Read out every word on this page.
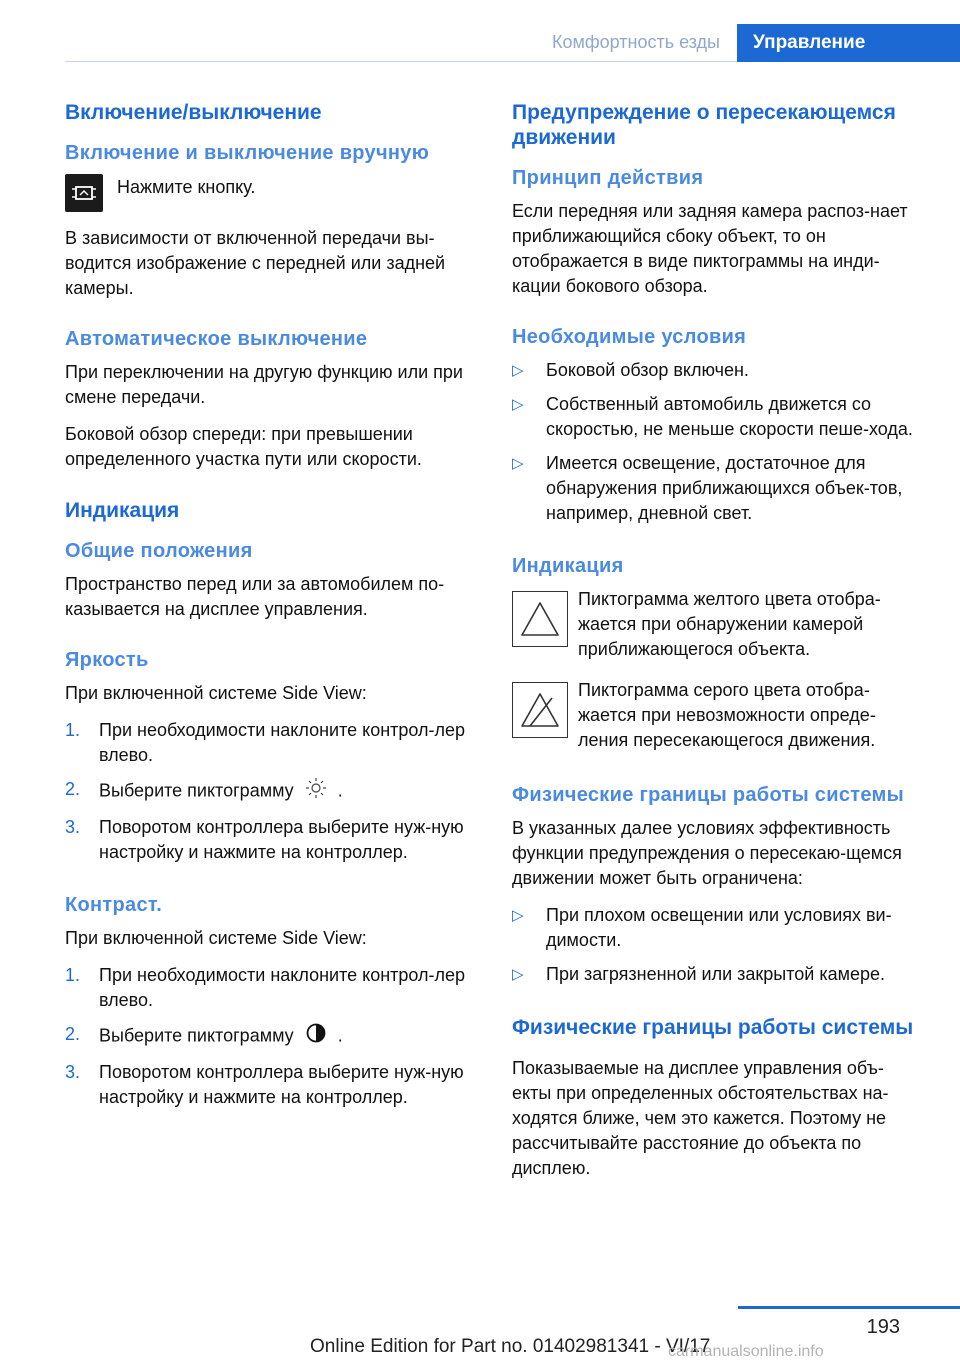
Комфортность езды	Управление
Включение/выключение
Включение и выключение вручную
Нажмите кнопку.

В зависимости от включенной передачи вы-водится изображение с передней или задней камеры.

Автоматическое выключение

При переключении на другую функцию или при смене передачи.

Боковой обзор спереди: при превышении определенного участка пути или скорости.

Индикация
Общие положения

Пространство перед или за автомобилем по-казывается на дисплее управления.

Яркость

При включенной системе Side View:

1.	При необходимости наклоните контрол-лер влево.
2.	Выберите пиктограмму .
3.	Поворотом контроллера выберите нуж-ную настройку и нажмите на контроллер.
Контраст.

При включенной системе Side View:

1.	При необходимости наклоните контрол-лер влево.
2.	Выберите пиктограмму .
3.	Поворотом контроллера выберите нуж-ную настройку и нажмите на контроллер.
Предупреждение о пересекающемся движении
Принцип действия

Если передняя или задняя камера распоз-нает приближающийся сбоку объект, то он отображается в виде пиктограммы на инди-кации бокового обзора.

Необходимые условия
▷	Боковой обзор включен.
▷	Собственный автомобиль движется со скоростью, не меньше скорости пеше-хода.
▷	Имеется освещение, достаточное для обнаружения приближающихся объек-тов, например, дневной свет.
Индикация
Пиктограмма желтого цвета отобра-жается при обнаружении камерой приближающегося объекта.
Пиктограмма серого цвета отобра-жается при невозможности опреде-ления пересекающегося движения.
Физические границы работы системы

В указанных далее условиях эффективность функции предупреждения о пересекаю-щемся движении может быть ограничена:

▷	При плохом освещении или условиях ви-димости.
▷	При загрязненной или закрытой камере.
Физические границы работы системы

Показываемые на дисплее управления объ-екты при определенных обстоятельствах на-ходятся ближе, чем это кажется. Поэтому не рассчитывайте расстояние до объекта по дисплею.

193
Online Edition for Part no. 01402981341 - VI/17
carmanualsonline.info
